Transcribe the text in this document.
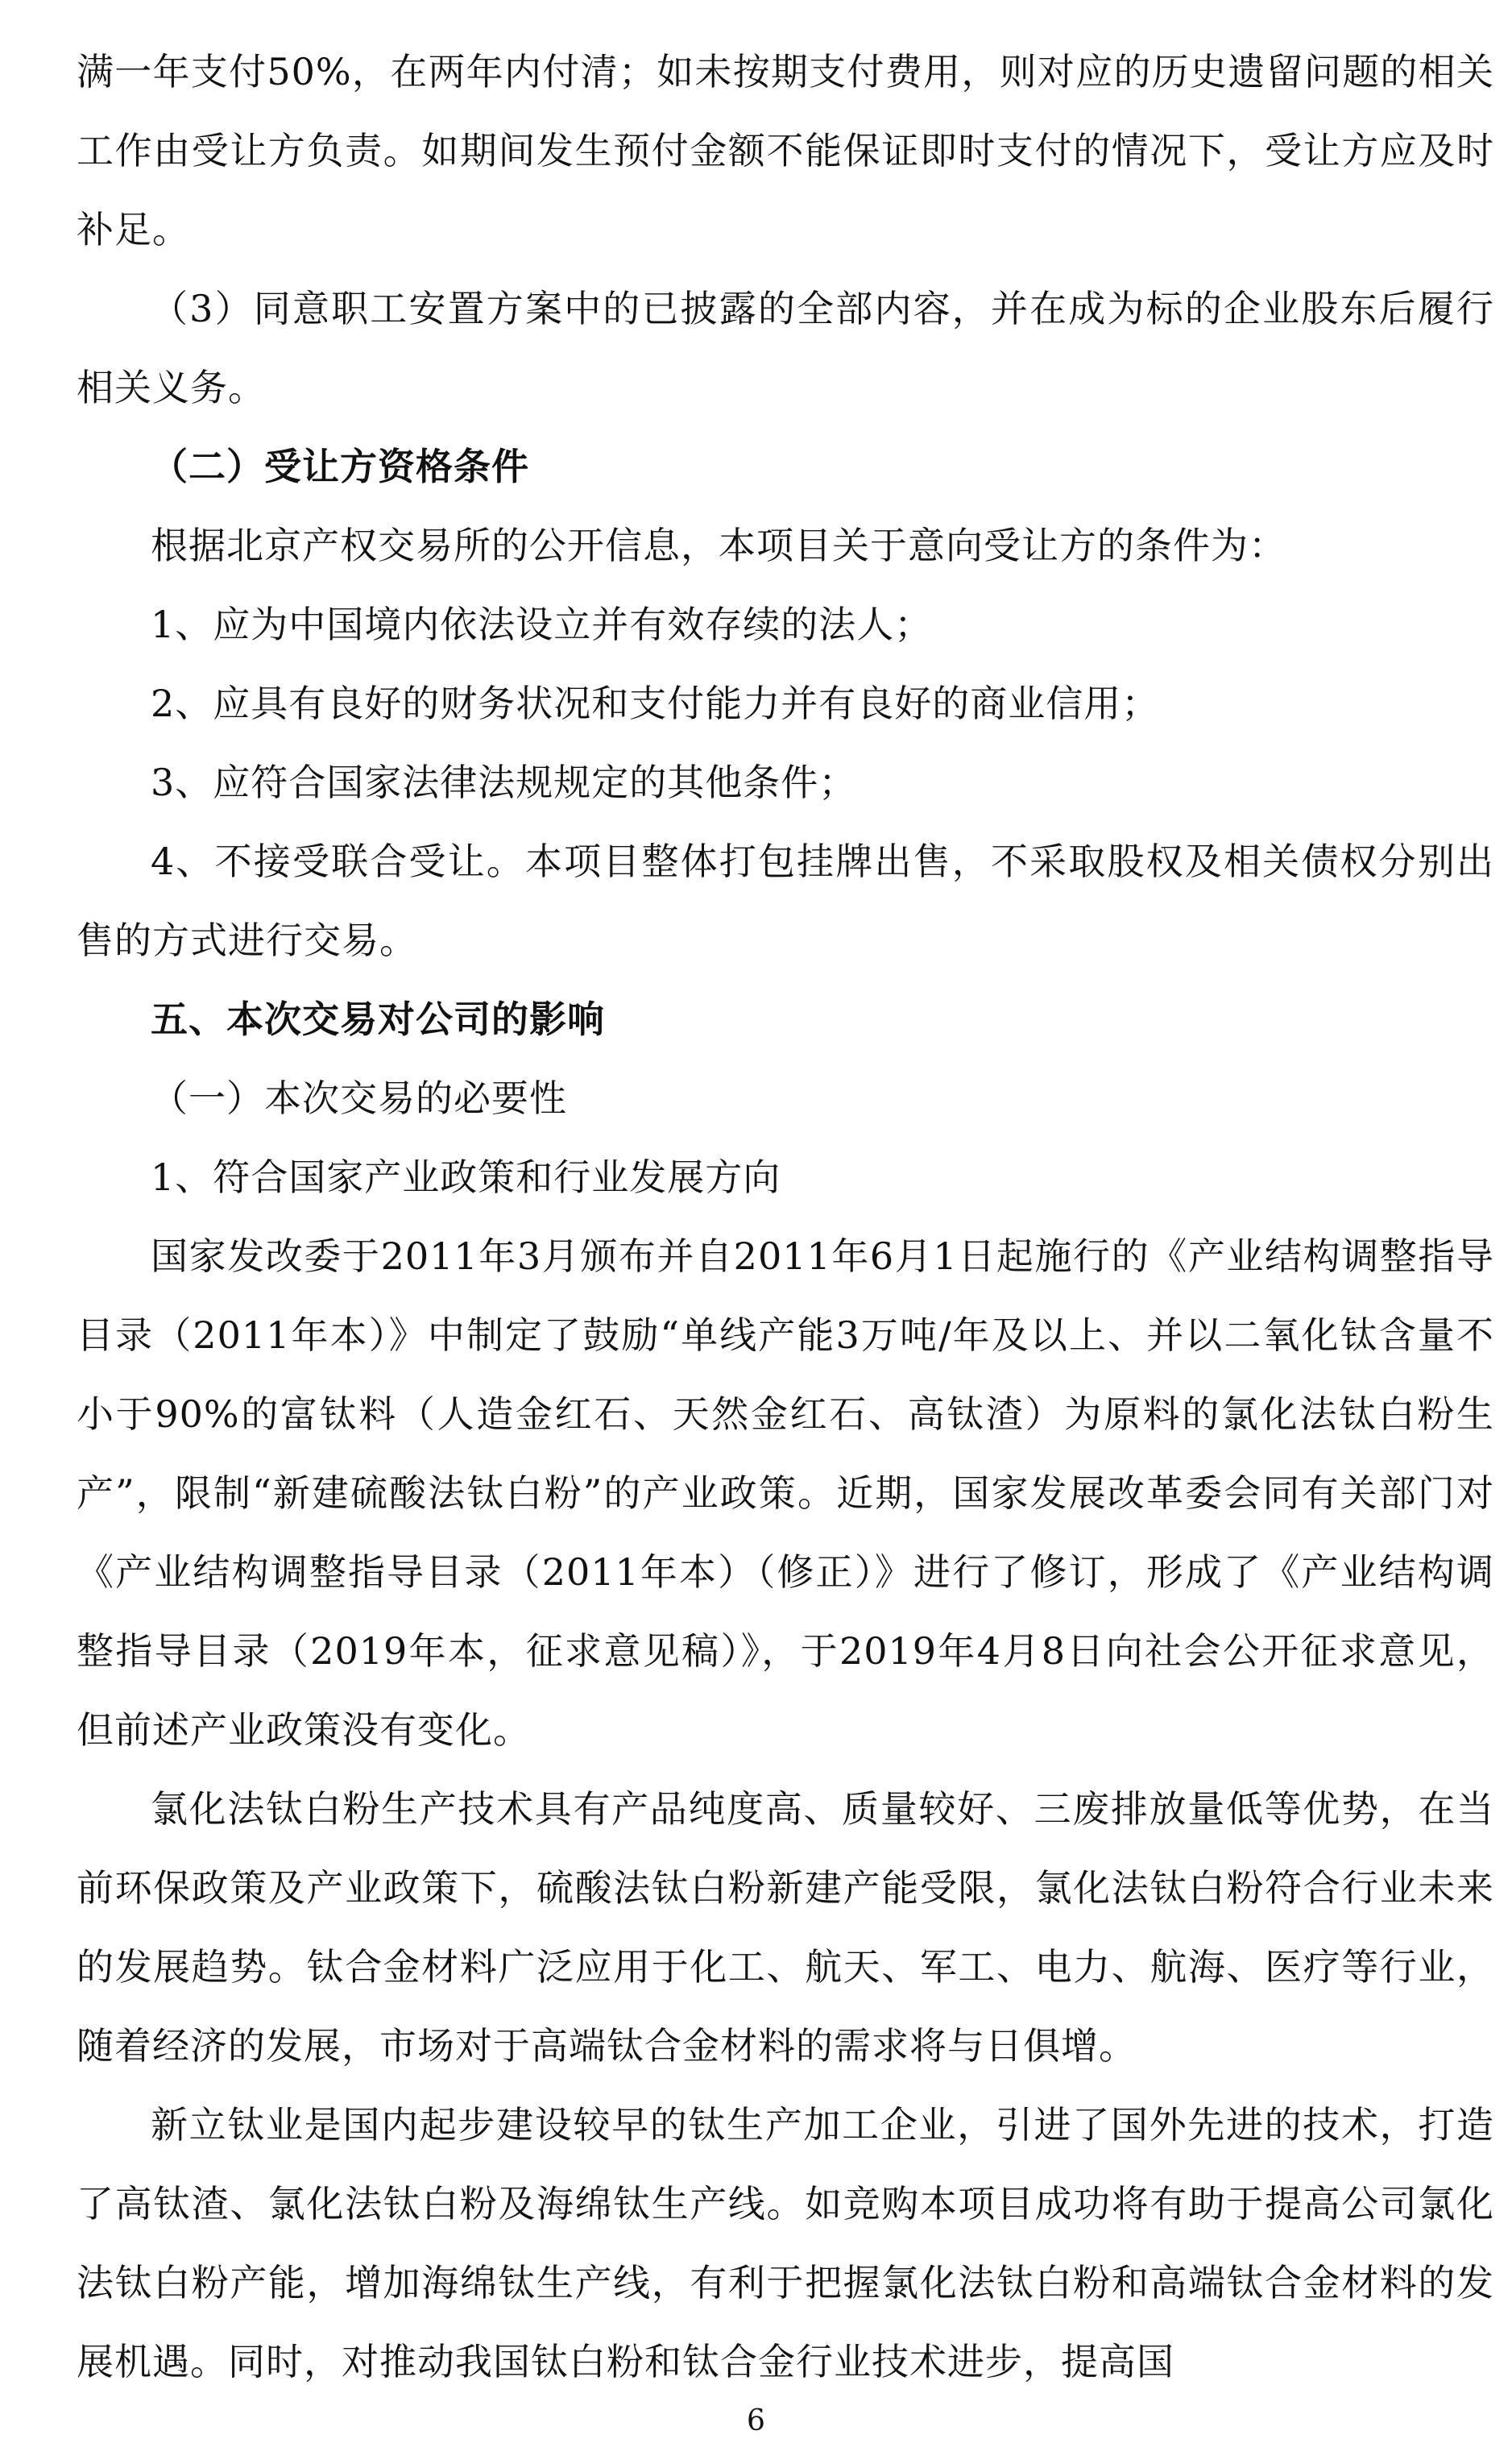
满一年支付50%，在两年内付清；如未按期支付费用，则对应的历史遗留问题的相关工作由受让方负责。如期间发生预付金额不能保证即时支付的情况下，受让方应及时补足。

（3）同意职工安置方案中的已披露的全部内容，并在成为标的企业股东后履行相关义务。

（二）受让方资格条件

根据北京产权交易所的公开信息，本项目关于意向受让方的条件为：

1、应为中国境内依法设立并有效存续的法人；

2、应具有良好的财务状况和支付能力并有良好的商业信用；

3、应符合国家法律法规规定的其他条件；

4、不接受联合受让。本项目整体打包挂牌出售，不采取股权及相关债权分别出售的方式进行交易。

五、本次交易对公司的影响

（一）本次交易的必要性

1、符合国家产业政策和行业发展方向

国家发改委于2011年3月颁布并自2011年6月1日起施行的《产业结构调整指导目录（2011年本）》中制定了鼓励“单线产能3万吨/年及以上、并以二氧化钛含量不小于90%的富钛料（人造金红石、天然金红石、高钛渣）为原料的氯化法钛白粉生产”，限制“新建硫酸法钛白粉”的产业政策。近期，国家发展改革委会同有关部门对《产业结构调整指导目录（2011年本）（修正）》进行了修订，形成了《产业结构调整指导目录（2019年本，征求意见稿）》，于2019年4月8日向社会公开征求意见，但前述产业政策没有变化。

氯化法钛白粉生产技术具有产品纯度高、质量较好、三废排放量低等优势，在当前环保政策及产业政策下，硫酸法钛白粉新建产能受限，氯化法钛白粉符合行业未来的发展趋势。钛合金材料广泛应用于化工、航天、军工、电力、航海、医疗等行业，随着经济的发展，市场对于高端钛合金材料的需求将与日俱增。

新立钛业是国内起步建设较早的钛生产加工企业，引进了国外先进的技术，打造了高钛渣、氯化法钛白粉及海绵钛生产线。如竞购本项目成功将有助于提高公司氯化法钛白粉产能，增加海绵钛生产线，有利于把握氯化法钛白粉和高端钛合金材料的发展机遇。同时，对推动我国钛白粉和钛合金行业技术进步，提高国

6
